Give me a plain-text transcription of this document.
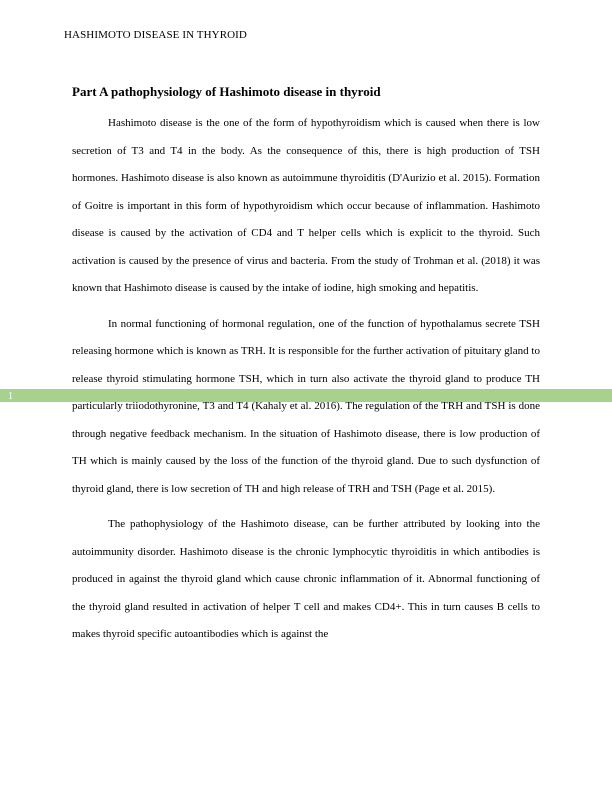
HASHIMOTO DISEASE IN THYROID
1
Part A pathophysiology of Hashimoto disease in thyroid

Hashimoto disease is the one of the form of hypothyroidism which is caused when there is low secretion of T3 and T4 in the body. As the consequence of this, there is high production of TSH hormones. Hashimoto disease is also known as autoimmune thyroiditis (D'Aurizio et al. 2015). Formation of Goitre is important in this form of hypothyroidism which occur because of inflammation. Hashimoto disease is caused by the activation of CD4 and T helper cells which is explicit to the thyroid. Such activation is caused by the presence of virus and bacteria. From the study of Trohman et al. (2018) it was known that Hashimoto disease is caused by the intake of iodine, high smoking and hepatitis.

In normal functioning of hormonal regulation, one of the function of hypothalamus secrete TSH releasing hormone which is known as TRH. It is responsible for the further activation of pituitary gland to release thyroid stimulating hormone TSH, which in turn also activate the thyroid gland to produce TH particularly triiodothyronine, T3 and T4 (Kahaly et al. 2016). The regulation of the TRH and TSH is done through negative feedback mechanism. In the situation of Hashimoto disease, there is low production of TH which is mainly caused by the loss of the function of the thyroid gland. Due to such dysfunction of thyroid gland, there is low secretion of TH and high release of TRH and TSH (Page et al. 2015).

The pathophysiology of the Hashimoto disease, can be further attributed by looking into the autoimmunity disorder. Hashimoto disease is the chronic lymphocytic thyroiditis in which antibodies is produced in against the thyroid gland which cause chronic inflammation of it. Abnormal functioning of the thyroid gland resulted in activation of helper T cell and makes CD4+. This in turn causes B cells to makes thyroid specific autoantibodies which is against the
